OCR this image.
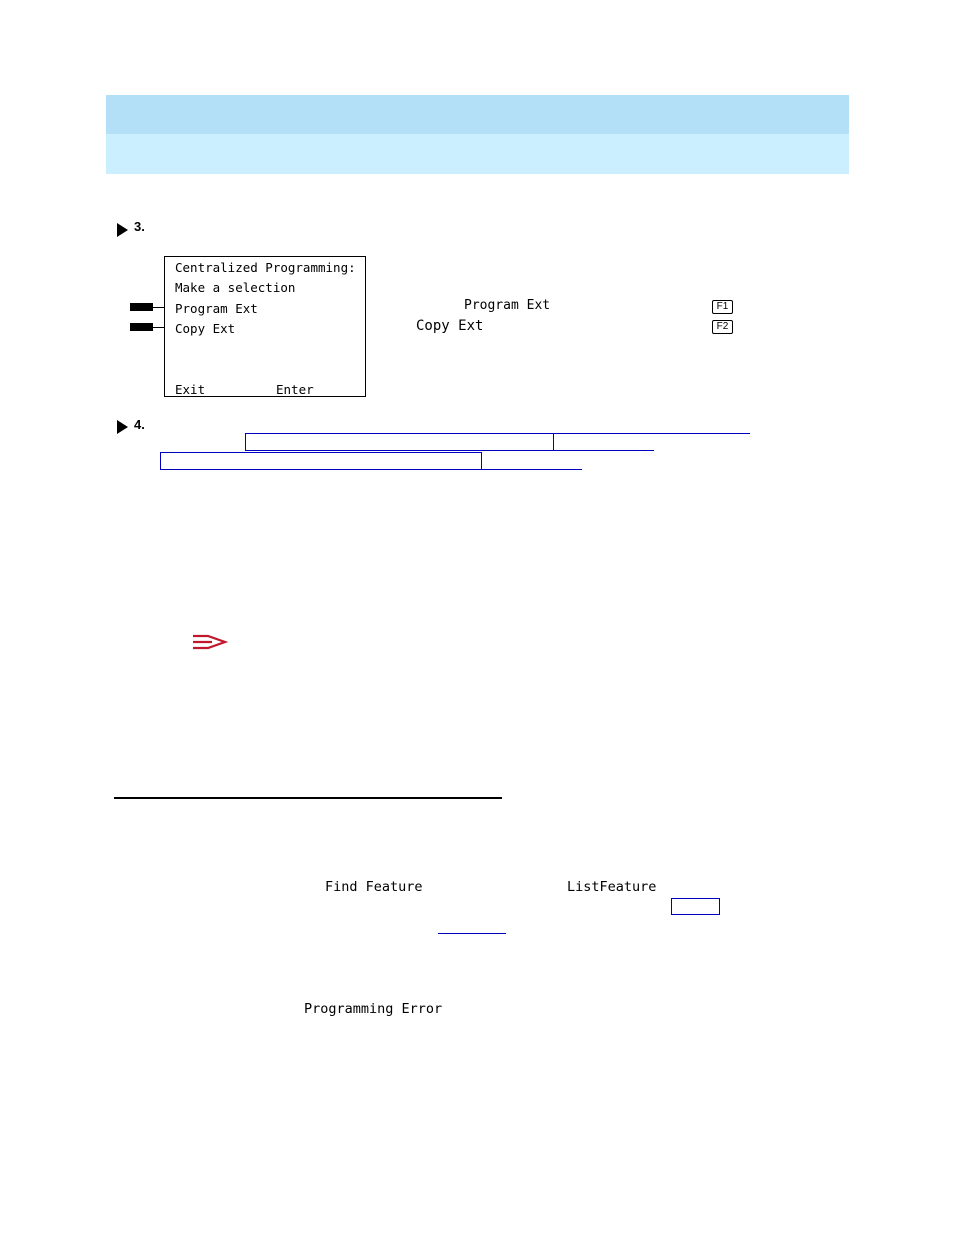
3.
Centralized Programming:
Make a selection
Program Ext
Copy Ext
Exit	Enter
Program Ext
Copy Ext
F1
F2
4.
Find Feature	ListFeature
Programming Error
